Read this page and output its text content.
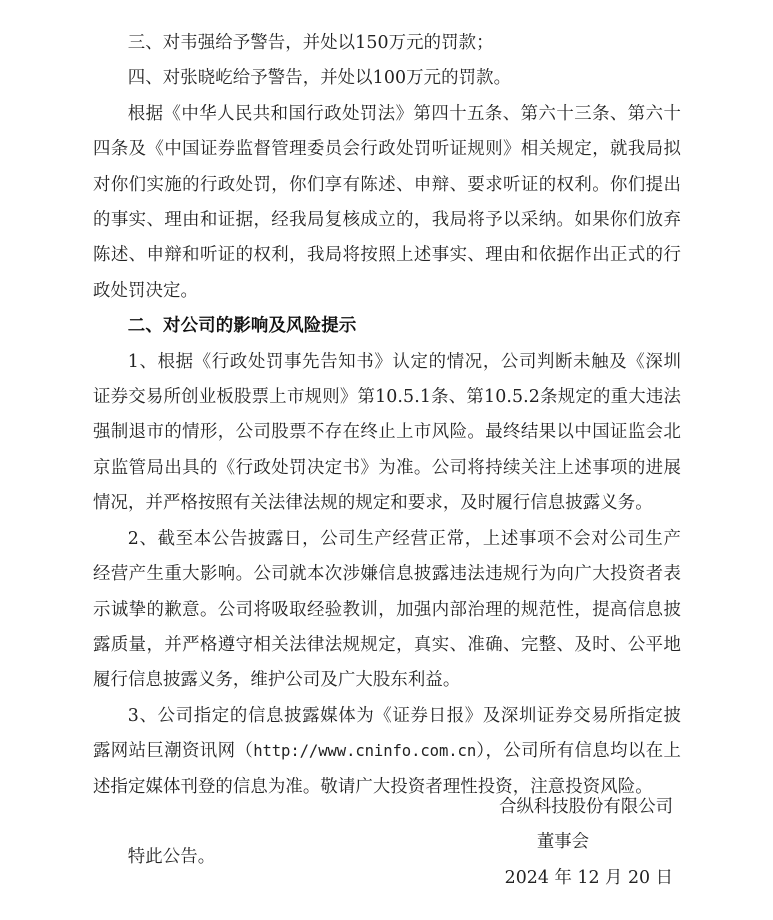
三、对韦强给予警告，并处以150万元的罚款；

四、对张晓屹给予警告，并处以100万元的罚款。

根据《中华人民共和国行政处罚法》第四十五条、第六十三条、第六十四条及《中国证券监督管理委员会行政处罚听证规则》相关规定，就我局拟对你们实施的行政处罚，你们享有陈述、申辩、要求听证的权利。你们提出的事实、理由和证据，经我局复核成立的，我局将予以采纳。如果你们放弃陈述、申辩和听证的权利，我局将按照上述事实、理由和依据作出正式的行政处罚决定。

二、对公司的影响及风险提示

1、根据《行政处罚事先告知书》认定的情况，公司判断未触及《深圳证券交易所创业板股票上市规则》第10.5.1条、第10.5.2条规定的重大违法强制退市的情形，公司股票不存在终止上市风险。最终结果以中国证监会北京监管局出具的《行政处罚决定书》为准。公司将持续关注上述事项的进展情况，并严格按照有关法律法规的规定和要求，及时履行信息披露义务。

2、截至本公告披露日，公司生产经营正常，上述事项不会对公司生产经营产生重大影响。公司就本次涉嫌信息披露违法违规行为向广大投资者表示诚挚的歉意。公司将吸取经验教训，加强内部治理的规范性，提高信息披露质量，并严格遵守相关法律法规规定，真实、准确、完整、及时、公平地履行信息披露义务，维护公司及广大股东利益。

3、公司指定的信息披露媒体为《证券日报》及深圳证券交易所指定披露网站巨潮资讯网（http://www.cninfo.com.cn），公司所有信息均以在上述指定媒体刊登的信息为准。敬请广大投资者理性投资，注意投资风险。

特此公告。

合纵科技股份有限公司

董事会

2024 年 12 月 20 日
